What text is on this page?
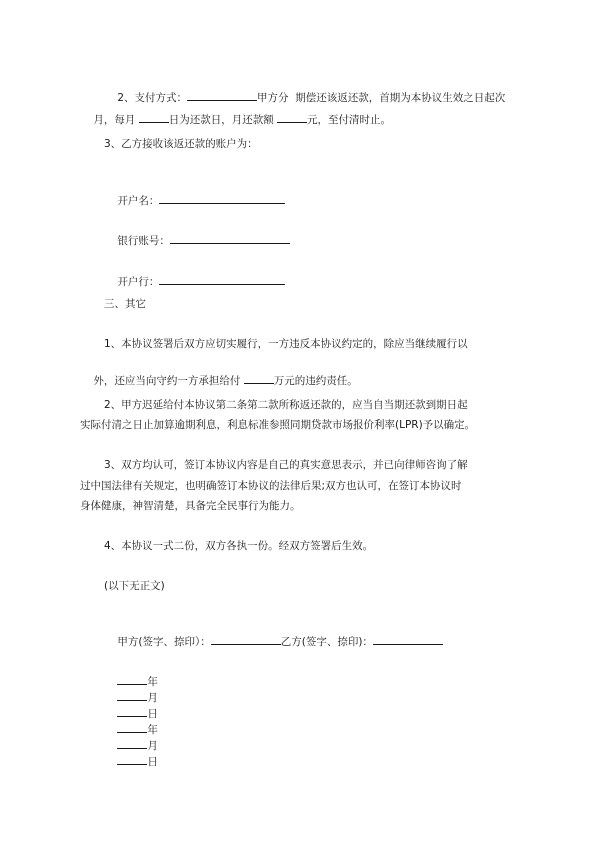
2、支付方式：	甲方分  期偿还该返还款，首期为本协议生效之日起次

月，每月	日为还款日，月还款额	元，至付清时止。

3、乙方接收该返还款的账户为：

开户名：

银行账号：

开户行：

三、其它
1、本协议签署后双方应切实履行，一方违反本协议约定的，除应当继续履行以

外，还应当向守约一方承担给付	万元的违约责任。

2、甲方迟延给付本协议第二条第二款所称返还款的，应当自当期还款到期日起
实际付清之日止加算逾期利息，利息标准参照同期贷款市场报价利率(LPR)予以确定。
3、双方均认可，签订本协议内容是自己的真实意思表示，并已向律师咨询了解
过中国法律有关规定，也明确签订本协议的法律后果;双方也认可，在签订本协议时
身体健康，神智清楚，具备完全民事行为能力。
4、本协议一式二份，双方各执一份。经双方签署后生效。
(以下无正文)

甲方(签字、捺印）：	乙方(签字、捺印)：

年
月
日
年
月
日
